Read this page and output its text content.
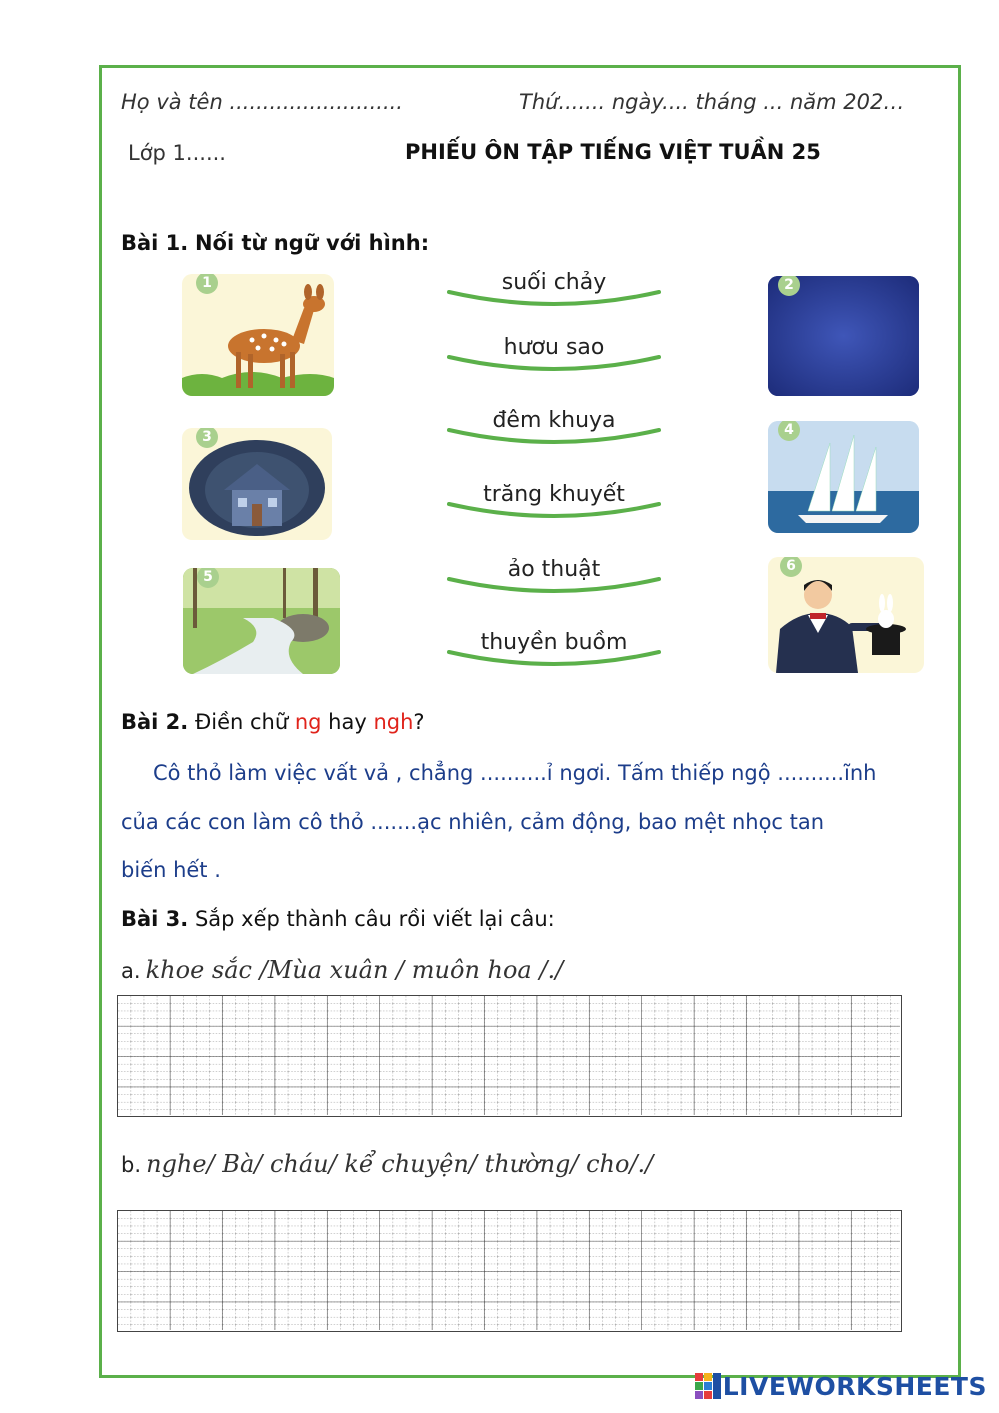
Họ và tên ..........................	Thứ....... ngày.... tháng ... năm 202…
Lớp 1......	PHIẾU ÔN TẬP TIẾNG VIỆT TUẦN 25
Bài 1. Nối từ ngữ với hình:
suối chảy
hươu sao
đêm khuya
trăng khuyết
ảo thuật
thuyền buồm
1	2
3	4
5
6
Bài 2. Điền chữ ng hay ngh?
Cô thỏ làm việc vất vả , chẳng ..........ỉ ngơi. Tấm thiếp ngộ ..........ĩnh
của các con làm cô thỏ .......ạc nhiên, cảm động, bao mệt nhọc tan
biến hết .
Bài 3. Sắp xếp thành câu rồi viết lại câu:
a. khoe sắc /Mùa xuân / muôn hoa /./
b. nghe/ Bà/ cháu/ kể chuyện/ thường/ cho/./
LIVEWORKSHEETS
